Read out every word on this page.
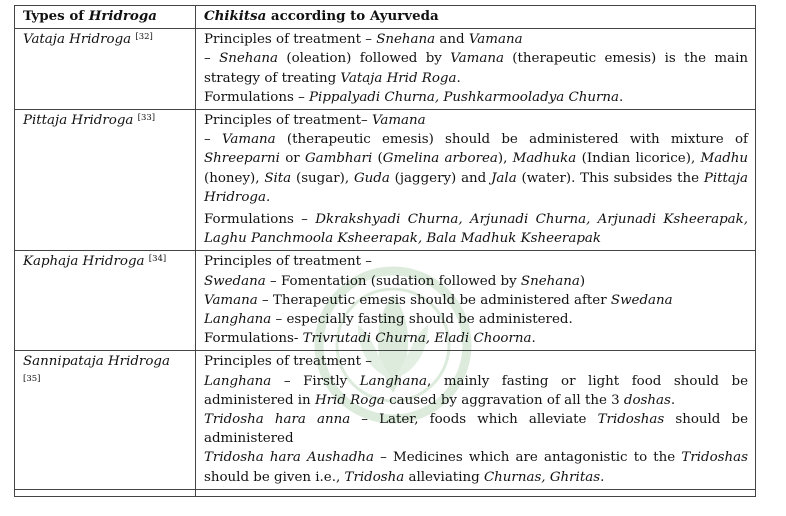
Types of Hridroga	Chikitsa according to Ayurveda
Vataja Hridroga [32]	Principles of treatment – Snehana and Vamana
– Snehana (oleation) followed by Vamana (therapeutic emesis) is the main strategy of treating Vataja Hrid Roga.
Formulations – Pippalyadi Churna, Pushkarmooladya Churna.

Pittaja Hridroga [33]	Principles of treatment– Vamana
– Vamana (therapeutic emesis) should be administered with mixture of Shreeparni or Gambhari (Gmelina arborea), Madhuka (Indian licorice), Madhu (honey), Sita (sugar), Guda (jaggery) and Jala (water). This subsides the Pittaja Hridroga.
Formulations – Dkrakshyadi Churna, Arjunadi Churna, Arjunadi Ksheerapak, Laghu Panchmoola Ksheerapak, Bala Madhuk Ksheerapak

Kaphaja Hridroga [34]	Principles of treatment –
Swedana – Fomentation (sudation followed by Snehana)
Vamana – Therapeutic emesis should be administered after Swedana
Langhana – especially fasting should be administered.
Formulations- Trivrutadi Churna, Eladi Choorna.

Sannipataja Hridroga [35]	Principles of treatment –
Langhana – Firstly Langhana, mainly fasting or light food should be administered in Hrid Roga caused by aggravation of all the 3 doshas.
Tridosha hara anna – Later, foods which alleviate Tridoshas should be administered
Tridosha hara Aushadha – Medicines which are antagonistic to the Tridoshas should be given i.e., Tridosha alleviating Churnas, Ghritas.
